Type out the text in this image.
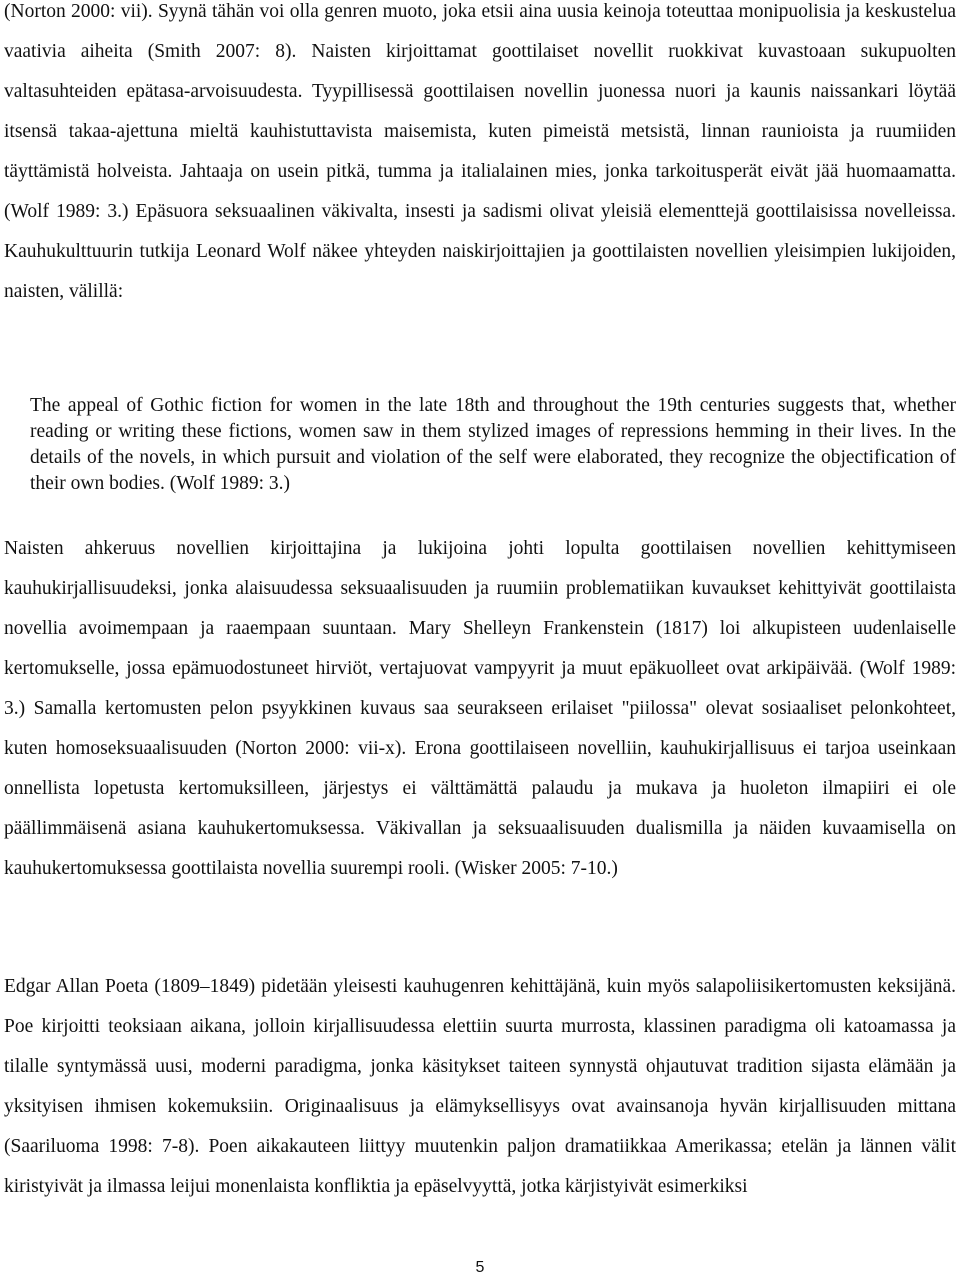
(Norton 2000: vii). Syynä tähän voi olla genren muoto, joka etsii aina uusia keinoja toteuttaa monipuolisia ja keskustelua vaativia aiheita (Smith 2007: 8). Naisten kirjoittamat goottilaiset novellit ruokkivat kuvastoaan sukupuolten valtasuhteiden epätasa-arvoisuudesta. Tyypillisessä goottilaisen novellin juonessa nuori ja kaunis naissankari löytää itsensä takaa-ajettuna mieltä kauhistuttavista maisemista, kuten pimeistä metsistä, linnan raunioista ja ruumiiden täyttämistä holveista. Jahtaaja on usein pitkä, tumma ja italialainen mies, jonka tarkoitusperät eivät jää huomaamatta. (Wolf 1989: 3.) Epäsuora seksuaalinen väkivalta, insesti ja sadismi olivat yleisiä elementtejä goottilaisissa novelleissa. Kauhukulttuurin tutkija Leonard Wolf näkee yhteyden naiskirjoittajien ja goottilaisten novellien yleisimpien lukijoiden, naisten, välillä:

The appeal of Gothic fiction for women in the late 18th and throughout the 19th centuries suggests that, whether reading or writing these fictions, women saw in them stylized images of repressions hemming in their lives. In the details of the novels, in which pursuit and violation of the self were elaborated, they recognize the objectification of their own bodies. (Wolf 1989: 3.)

Naisten ahkeruus novellien kirjoittajina ja lukijoina johti lopulta goottilaisen novellien kehittymiseen kauhukirjallisuudeksi, jonka alaisuudessa seksuaalisuuden ja ruumiin problematiikan kuvaukset kehittyivät goottilaista novellia avoimempaan ja raaempaan suuntaan. Mary Shelleyn Frankenstein (1817) loi alkupisteen uudenlaiselle kertomukselle, jossa epämuodostuneet hirviöt, vertajuovat vampyyrit ja muut epäkuolleet ovat arkipäivää. (Wolf 1989: 3.) Samalla kertomusten pelon psyykkinen kuvaus saa seurakseen erilaiset "piilossa" olevat sosiaaliset pelonkohteet, kuten homoseksuaalisuuden (Norton 2000: vii-x). Erona goottilaiseen novelliin, kauhukirjallisuus ei tarjoa useinkaan onnellista lopetusta kertomuksilleen, järjestys ei välttämättä palaudu ja mukava ja huoleton ilmapiiri ei ole päällimmäisenä asiana kauhukertomuksessa. Väkivallan ja seksuaalisuuden dualismilla ja näiden kuvaamisella on kauhukertomuksessa goottilaista novellia suurempi rooli. (Wisker 2005: 7-10.)

Edgar Allan Poeta (1809–1849) pidetään yleisesti kauhugenren kehittäjänä, kuin myös salapoliisikertomusten keksijänä. Poe kirjoitti teoksiaan aikana, jolloin kirjallisuudessa elettiin suurta murrosta, klassinen paradigma oli katoamassa ja tilalle syntymässä uusi, moderni paradigma, jonka käsitykset taiteen synnystä ohjautuvat tradition sijasta elämään ja yksityisen ihmisen kokemuksiin. Originaalisuus ja elämyksellisyys ovat avainsanoja hyvän kirjallisuuden mittana (Saariluoma 1998: 7-8). Poen aikakauteen liittyy muutenkin paljon dramatiikkaa Amerikassa; etelän ja lännen välit kiristyivät ja ilmassa leijui monenlaista konfliktia ja epäselvyyttä, jotka kärjistyivät esimerkiksi

5
